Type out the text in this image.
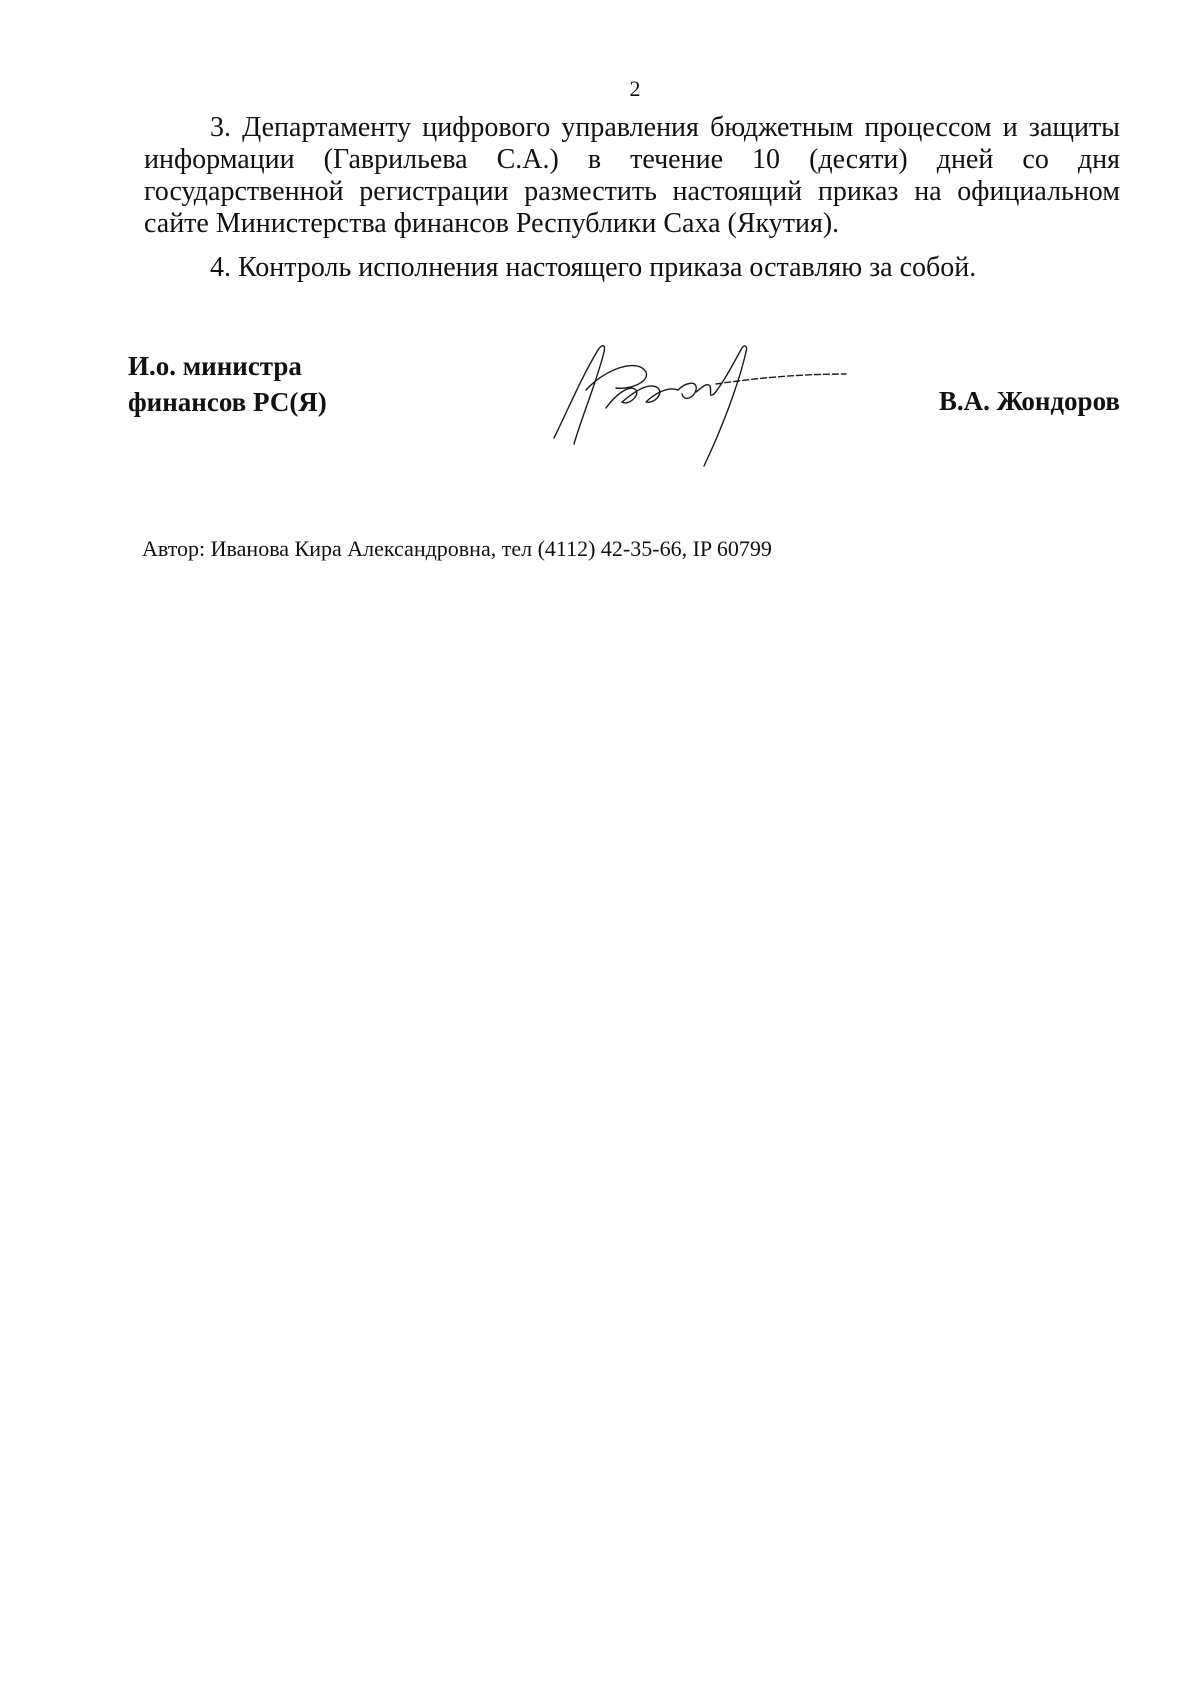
2

3. Департаменту цифрового управления бюджетным процессом и защиты информации (Гаврильева С.А.) в течение 10 (десяти) дней со дня государственной регистрации разместить настоящий приказ на официальном сайте Министерства финансов Республики Саха (Якутия).

4. Контроль исполнения настоящего приказа оставляю за собой.

И.о. министра
финансов РС(Я)	В.А. Жондоров
Автор: Иванова Кира Александровна, тел (4112) 42-35-66, IP 60799
